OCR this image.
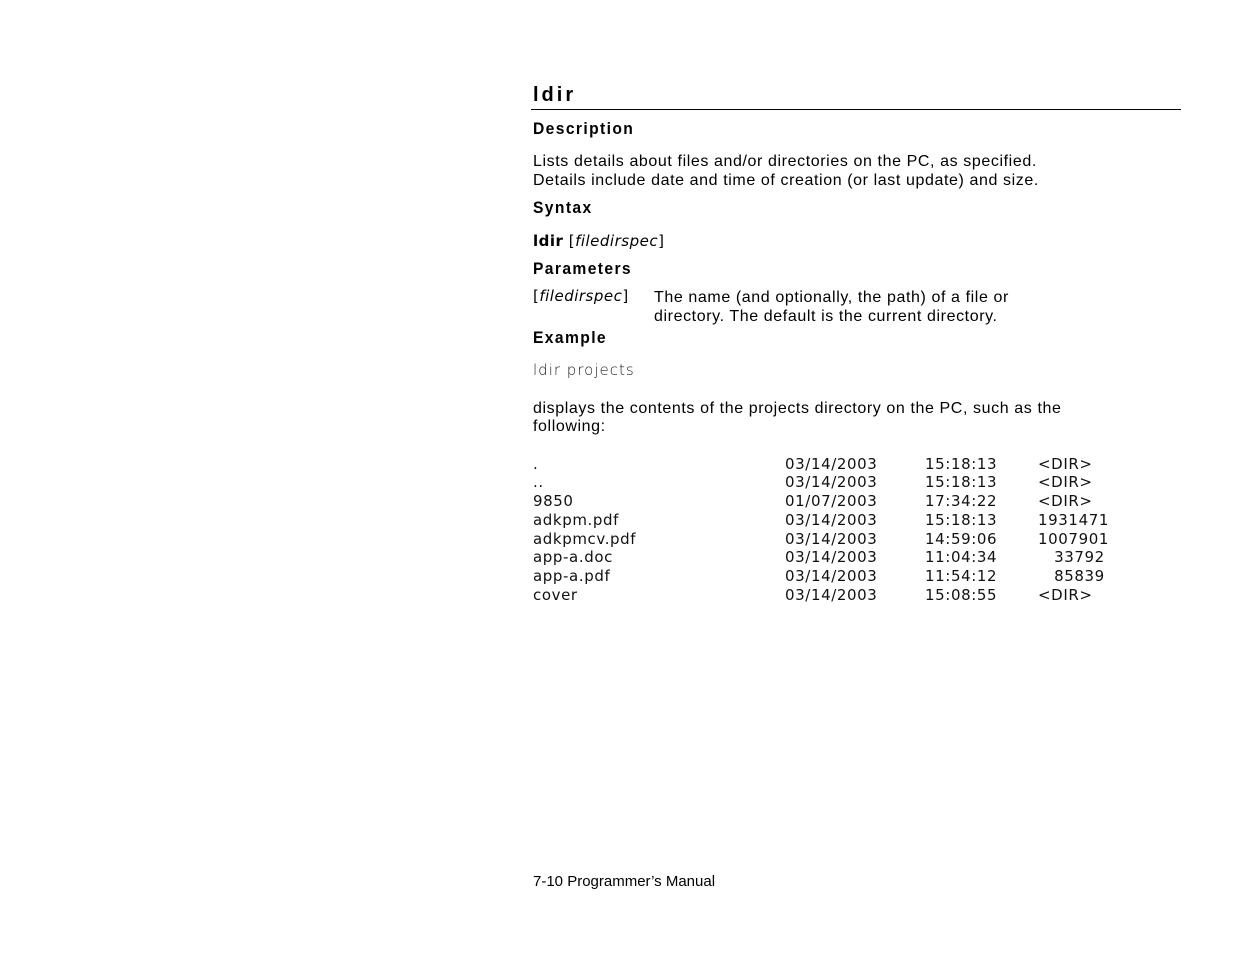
ldir
Description
Lists details about files and/or directories on the PC, as specified.
Details include date and time of creation (or last update) and size.
Syntax
ldir [filedirspec]
Parameters
[filedirspec] The name (and optionally, the path) of a file or
directory. The default is the current directory.
Example
ldir projects
displays the contents of the projects directory on the PC, such as the
following:
.	03/14/2003	15:18:13	<DIR>
..	03/14/2003	15:18:13	<DIR>
9850	01/07/2003	17:34:22	<DIR>
adkpm.pdf	03/14/2003	15:18:13	1931471
adkpmcv.pdf	03/14/2003	14:59:06	1007901
app-a.doc	03/14/2003	11:04:34	33792
app-a.pdf	03/14/2003	11:54:12	85839
cover	03/14/2003	15:08:55	<DIR>
7-10 Programmer’s Manual
